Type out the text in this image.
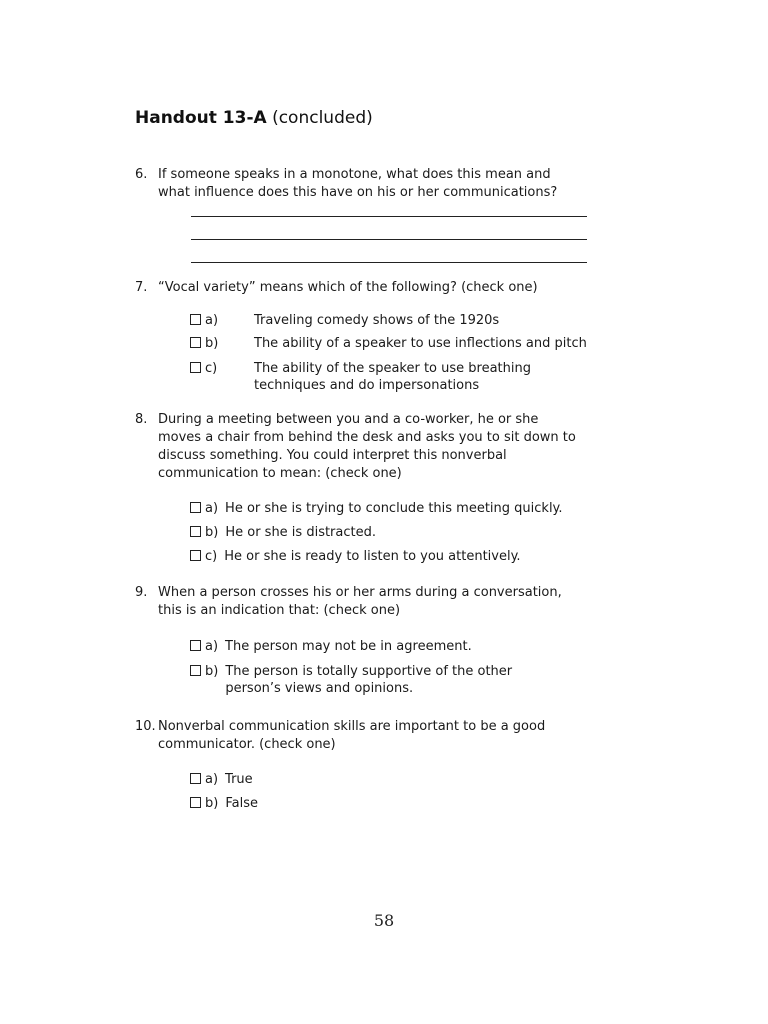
Handout 13-A (concluded)
6. If someone speaks in a monotone, what does this mean and what influence does this have on his or her communications?
7. “Vocal variety” means which of the following? (check one)
a)	Traveling comedy shows of the 1920s
b)	The ability of a speaker to use inflections and pitch
c)	The ability of the speaker to use breathing techniques and do impersonations
8. During a meeting between you and a co-worker, he or she moves a chair from behind the desk and asks you to sit down to discuss something. You could interpret this nonverbal communication to mean: (check one)
a) He or she is trying to conclude this meeting quickly.
b) He or she is distracted.
c) He or she is ready to listen to you attentively.
9. When a person crosses his or her arms during a conversation, this is an indication that: (check one)
a) The person may not be in agreement.
b) The person is totally supportive of the other person’s views and opinions.
10. Nonverbal communication skills are important to be a good communicator. (check one)
a) True
b) False
58
